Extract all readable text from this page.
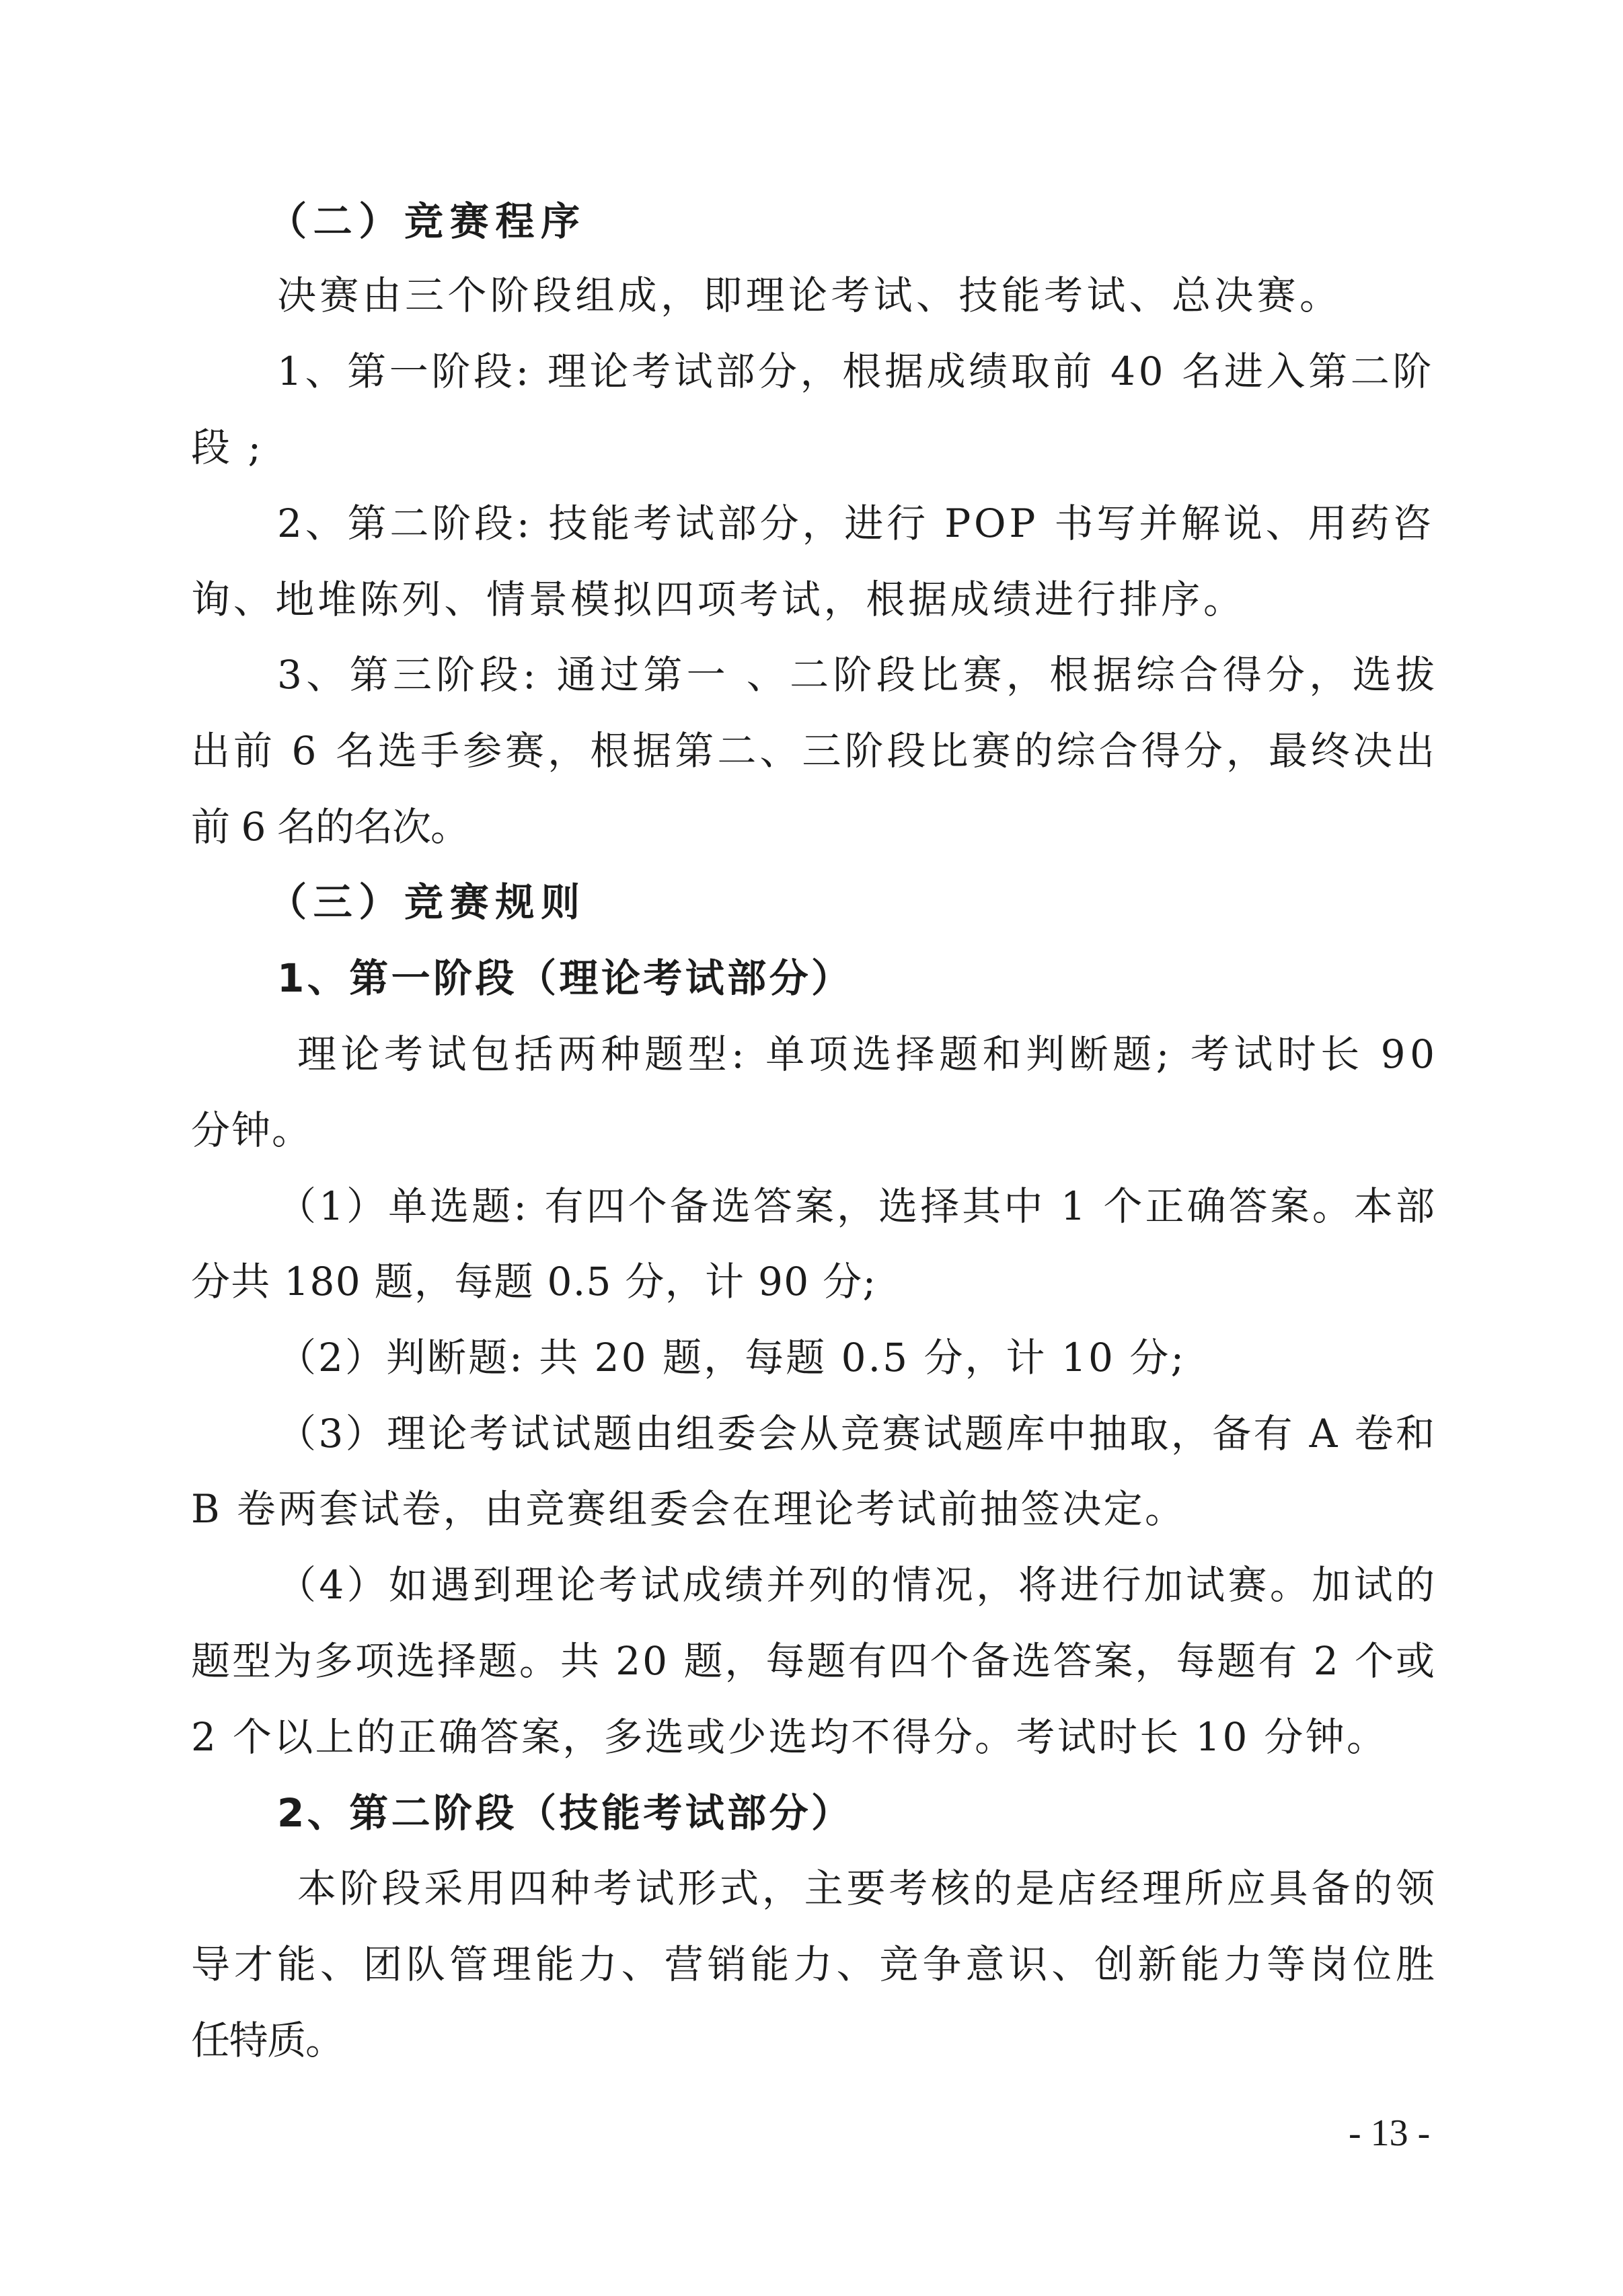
（二）竞赛程序
决赛由三个阶段组成，即理论考试、技能考试、总决赛。
1、第一阶段: 理论考试部分，根据成绩取前 40 名进入第二阶
段;
2、第二阶段: 技能考试部分，进行 POP 书写并解说、用药咨
询、地堆陈列、情景模拟四项考试，根据成绩进行排序。
3、第三阶段: 通过第一 、二阶段比赛，根据综合得分，选拔
出前 6 名选手参赛，根据第二、三阶段比赛的综合得分，最终决出
前 6 名的名次。
（三）竞赛规则
1、第一阶段（理论考试部分）
理论考试包括两种题型: 单项选择题和判断题; 考试时长 90
分钟。
（1）单选题: 有四个备选答案，选择其中 1 个正确答案。本部
分共 180 题，每题 0.5 分，计 90 分;
（2）判断题: 共 20 题，每题 0.5 分，计 10 分;
（3）理论考试试题由组委会从竞赛试题库中抽取，备有 A 卷和
B 卷两套试卷，由竞赛组委会在理论考试前抽签决定。
（4）如遇到理论考试成绩并列的情况，将进行加试赛。加试的
题型为多项选择题。共 20 题，每题有四个备选答案，每题有 2 个或
2 个以上的正确答案，多选或少选均不得分。考试时长 10 分钟。
2、第二阶段（技能考试部分）
本阶段采用四种考试形式，主要考核的是店经理所应具备的领
导才能、团队管理能力、营销能力、竞争意识、创新能力等岗位胜
任特质。
- 13 -
